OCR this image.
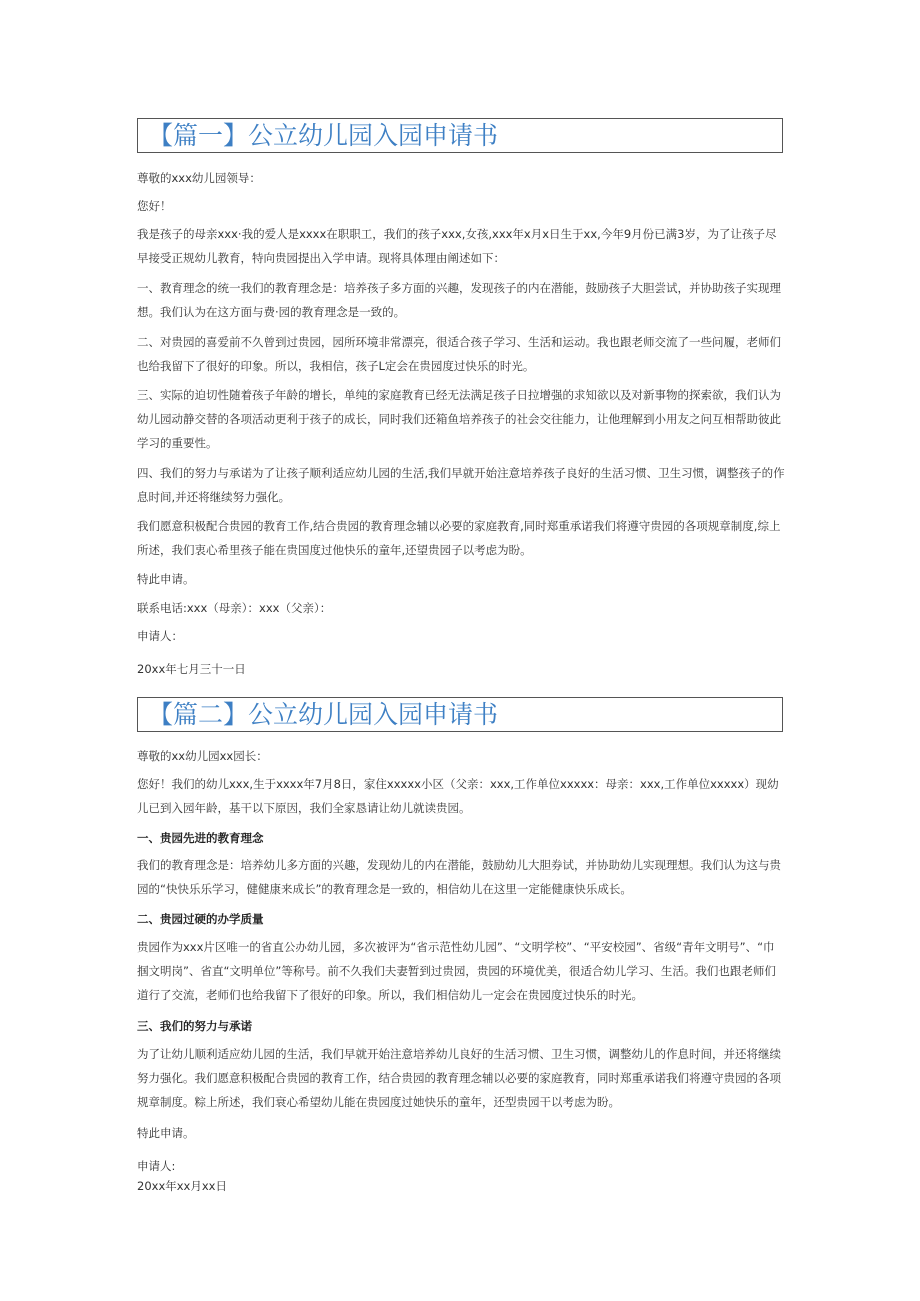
【篇一】公立幼儿园入园申请书
尊敬的xxx幼儿园领导：
您好！
我是孩子的母亲xxx·我的爱人是xxxx在职职工，我们的孩子xxx,女孩,xxx年x月x日生于xx,今年9月份已满3岁，为了让孩子尽早接受正规幼儿教育，特向贵园提出入学申请。现将具体理由阐述如下：
一、教育理念的统一我们的教育理念是：培养孩子多方面的兴趣，发现孩子的内在潜能，鼓励孩子大胆尝试，并协助孩子实现理想。我们认为在这方面与费·园的教育理念是一致的。
二、对贵园的喜爱前不久曾到过贵园，园所环境非常漂亮，很适合孩子学习、生活和运动。我也跟老师交流了一些问履，老师们也给我留下了很好的印象。所以，我相信，孩子L定会在贵园度过快乐的时光。
三、实际的迫切性随着孩子年龄的增长，单纯的家庭教育已经无法满足孩子日拉增强的求知欲以及对新事物的探索欲，我们认为幼儿园动静交替的各项活动更利于孩子的成长，同时我们还箱鱼培养孩子的社会交往能力，让他理解到小用友之问互相帮助彼此学习的重要性。
四、我们的努力与承诺为了让孩子顺利适应幼儿园的生活,我们早就开始注意培养孩子良好的生活习惯、卫生习惯，调整孩子的作息时间,并还将继续努力强化。
我们愿意积极配合贵园的教育工作,结合贵园的教育理念辅以必要的家庭教育,同时郑重承诺我们将遵守贵园的各项规章制度,综上所述，我们衷心希里孩子能在贵国度过他快乐的童年,还望贵园子以考虑为盼。
特此申请。
联系电话:xxx（母亲）：xxx（父亲）：
申请人：
20xx年七月三十一日
【篇二】公立幼儿园入园申请书
尊敬的xx幼儿园xx园长：
您好！我们的幼儿xxx,生于xxxx年7月8日，家住xxxxx小区（父亲：xxx,工作单位xxxxx：母亲：xxx,工作单位xxxxx）现幼儿已到入园年龄，基干以下原因，我们全家恳请让幼儿就读贵园。
一、贵园先进的教育理念
我们的教育理念是：培养幼儿多方面的兴趣，发现幼儿的内在潜能，鼓励幼儿大胆券试，并协助幼儿实现理想。我们认为这与贵园的“快快乐乐学习，健健康来成长”的教育理念是一致的，相信幼儿在这里一定能健康快乐成长。
二、贵园过硬的办学质量
贵园作为xxx片区唯一的省直公办幼儿园，多次被评为“省示范性幼儿园”、“文明学校”、“平安校园”、省级“青年文明号”、“巾掴文明岗”、省直“文明单位”等称号。前不久我们夫妻暂到过贵园，贵园的环境优美，很适合幼儿学习、生活。我们也跟老师们道行了交流，老师们也给我留下了很好的印象。所以，我们相信幼儿一定会在贵园度过快乐的时光。
三、我们的努力与承诺
为了让幼儿顺利适应幼儿园的生活，我们早就开始注意培养幼儿良好的生活习惯、卫生习惯，调整幼儿的作息时间，并还将继续努力强化。我们愿意积极配合贵园的教育工作，结合贵园的教育理念辅以必要的家庭教育，同时郑重承诺我们将遵守贵园的各项规章制度。粽上所述，我们衰心希望幼儿能在贵园度过她快乐的童年，还型贵园干以考虑为盼。
特此申请。
申请人:
20xx年xx月xx日
